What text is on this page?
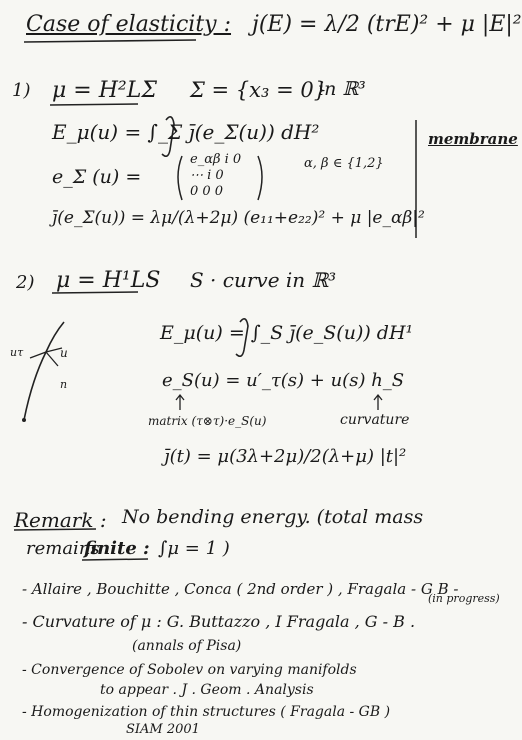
Case of elasticity : j(E) = λ/2 (trE)² + μ |E|²
1) μ = H²LΣ Σ = {x₃ = 0}
in ℝ³
E_μ(u) = ∫_Σ j̄(e_Σ(u)) dH²
e_Σ (u) =
e_αβ i 0
⋯ i 0
0 0 0
α, β ∈ {1,2}
j̄(e_Σ(u)) = λμ/(λ+2μ) (e₁₁+e₂₂)² + μ |e_αβ|²
membrane
2) μ = H¹LS S · curve in ℝ³
E_μ(u) = ∫_S j̄(e_S(u)) dH¹
e_S(u) = u′_τ(s) + u(s) h_S
matrix (τ⊗τ)·e_S(u)	curvature
j̄(t) = μ(3λ+2μ)/2(λ+μ) |t|²
u
uτ
n
Remark : No bending energy. (total mass
remains
finite : ∫μ = 1 )
- Allaire , Bouchitte , Conca ( 2nd order ) , Fragala - G B -
(in progress)
- Curvature of μ : G. Buttazzo , I Fragala , G - B .
(annals of Pisa)
- Convergence of Sobolev on varying manifolds
to appear . J . Geom . Analysis
- Homogenization of thin structures ( Fragala - GB )
SIAM 2001
